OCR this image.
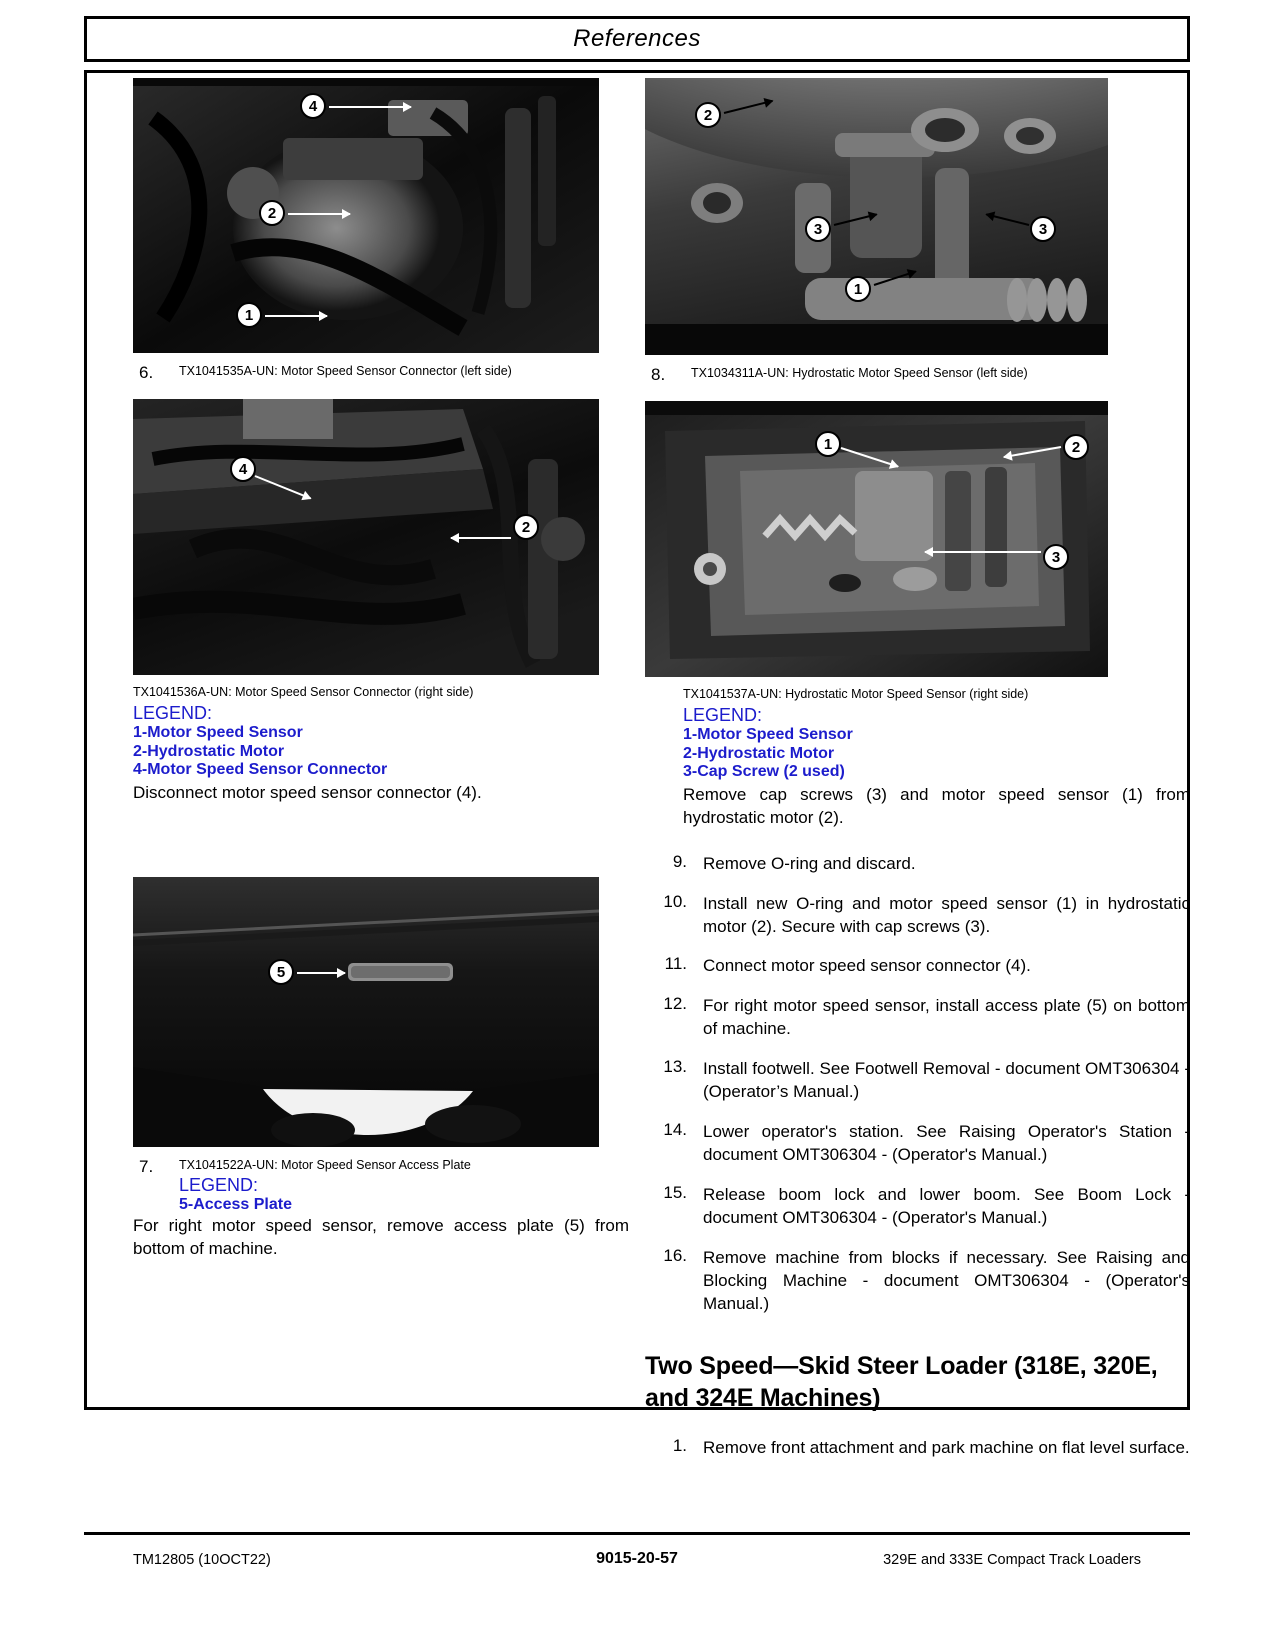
References
4
2
1
6.	TX1041535A-UN: Motor Speed Sensor Connector (left side)
4
2
TX1041536A-UN: Motor Speed Sensor Connector (right side)
LEGEND:
1-Motor Speed Sensor
2-Hydrostatic Motor
4-Motor Speed Sensor Connector
Disconnect motor speed sensor connector (4).
5
7.	TX1041522A-UN: Motor Speed Sensor Access Plate
LEGEND:
5-Access Plate
For right motor speed sensor, remove access plate (5) from bottom of machine.
2
3	3
1
8.	TX1034311A-UN: Hydrostatic Motor Speed Sensor (left side)
1	2
3
TX1041537A-UN: Hydrostatic Motor Speed Sensor (right side)
LEGEND:
1-Motor Speed Sensor
2-Hydrostatic Motor
3-Cap Screw (2 used)
Remove cap screws (3) and motor speed sensor (1) from hydrostatic motor (2).
9. Remove O-ring and discard.
10. Install new O-ring and motor speed sensor (1) in hydrostatic motor (2). Secure with cap screws (3).
11. Connect motor speed sensor connector (4).
12. For right motor speed sensor, install access plate (5) on bottom of machine.
13. Install footwell. See Footwell Removal - document OMT306304 - (Operator’s Manual.)
14. Lower operator's station. See Raising Operator's Station - document OMT306304 - (Operator's Manual.)
15. Release boom lock and lower boom. See Boom Lock - document OMT306304 - (Operator's Manual.)
16. Remove machine from blocks if necessary. See Raising and Blocking Machine - document OMT306304 - (Operator's Manual.)
Two Speed—Skid Steer Loader (318E, 320E, and 324E Machines)
1. Remove front attachment and park machine on flat level surface.
TM12805 (10OCT22)	9015-20-57	329E and 333E Compact Track Loaders
